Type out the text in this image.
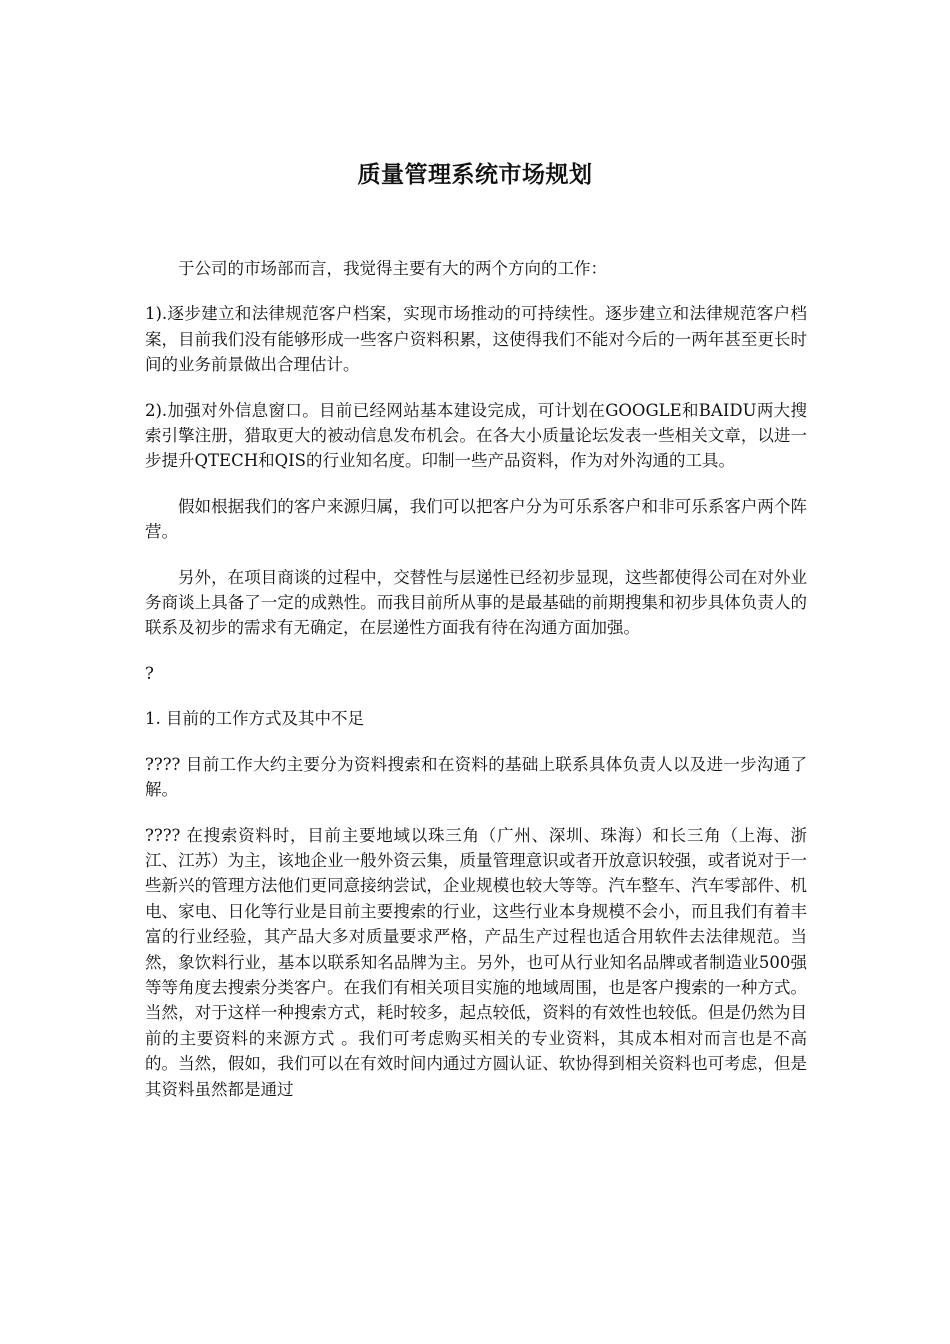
质量管理系统市场规划

于公司的市场部而言，我觉得主要有大的两个方向的工作：

1).逐步建立和法律规范客户档案，实现市场推动的可持续性。逐步建立和法律规范客户档案，目前我们没有能够形成一些客户资料积累，这使得我们不能对今后的一两年甚至更长时间的业务前景做出合理估计。

2).加强对外信息窗口。目前已经网站基本建设完成，可计划在GOOGLE和BAIDU两大搜索引擎注册，猎取更大的被动信息发布机会。在各大小质量论坛发表一些相关文章，以进一步提升QTECH和QIS的行业知名度。印制一些产品资料，作为对外沟通的工具。

假如根据我们的客户来源归属，我们可以把客户分为可乐系客户和非可乐系客户两个阵营。

另外，在项目商谈的过程中，交替性与层递性已经初步显现，这些都使得公司在对外业务商谈上具备了一定的成熟性。而我目前所从事的是最基础的前期搜集和初步具体负责人的联系及初步的需求有无确定，在层递性方面我有待在沟通方面加强。

?

1. 目前的工作方式及其中不足

???? 目前工作大约主要分为资料搜索和在资料的基础上联系具体负责人以及进一步沟通了解。

???? 在搜索资料时，目前主要地域以珠三角（广州、深圳、珠海）和长三角（上海、浙江、江苏）为主，该地企业一般外资云集，质量管理意识或者开放意识较强，或者说对于一些新兴的管理方法他们更同意接纳尝试，企业规模也较大等等。汽车整车、汽车零部件、机电、家电、日化等行业是目前主要搜索的行业，这些行业本身规模不会小，而且我们有着丰富的行业经验，其产品大多对质量要求严格，产品生产过程也适合用软件去法律规范。当然，象饮料行业，基本以联系知名品牌为主。另外，也可从行业知名品牌或者制造业500强等等角度去搜索分类客户。在我们有相关项目实施的地域周围，也是客户搜索的一种方式。当然，对于这样一种搜索方式，耗时较多，起点较低，资料的有效性也较低。但是仍然为目前的主要资料的来源方式 。我们可考虑购买相关的专业资料，其成本相对而言也是不高的。当然，假如，我们可以在有效时间内通过方圆认证、软协得到相关资料也可考虑，但是其资料虽然都是通过
